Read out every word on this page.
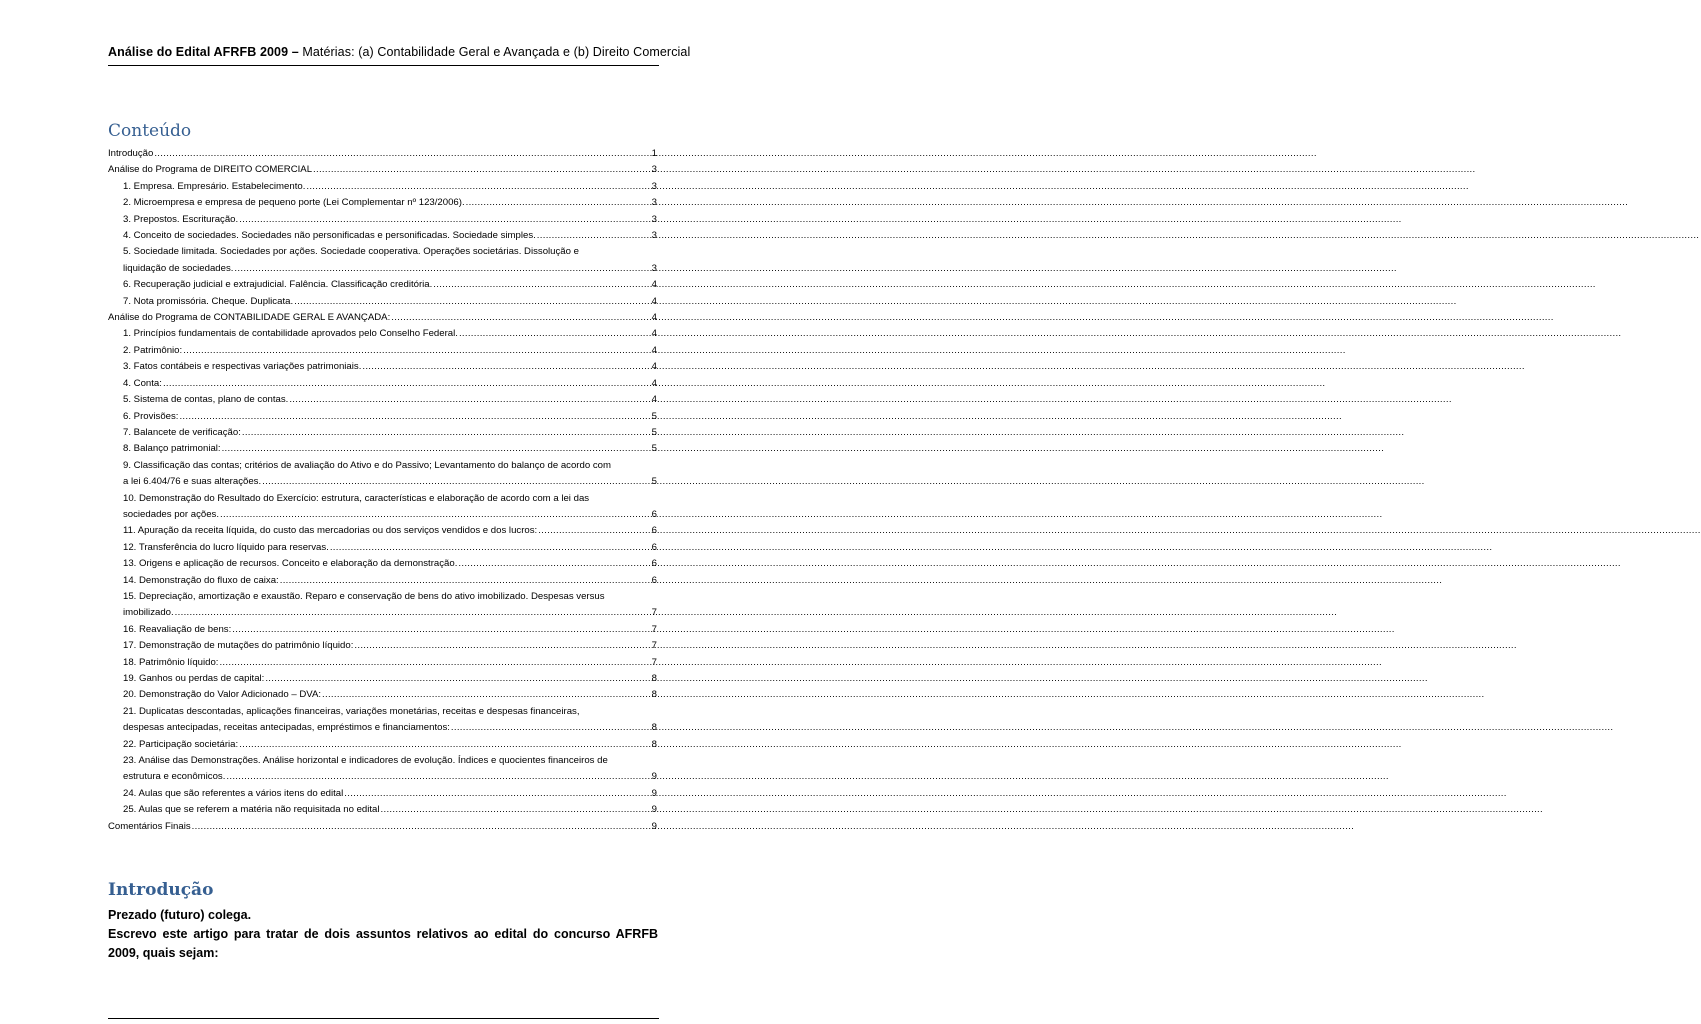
Análise do Edital AFRFB 2009 – Matérias: (a) Contabilidade Geral e Avançada e (b) Direito Comercial
Conteúdo
Introdução .....	1
Análise do Programa de DIREITO COMERCIAL .....	3
1. Empresa. Empresário. Estabelecimento. .....	3
2. Microempresa e empresa de pequeno porte (Lei Complementar nº 123/2006). .....	3
3. Prepostos. Escrituração. .....	3
4. Conceito de sociedades. Sociedades não personificadas e personificadas. Sociedade simples. .....	3
5. Sociedade limitada. Sociedades por ações. Sociedade cooperativa. Operações societárias. Dissolução e
liquidação de sociedades. .....	3
6. Recuperação judicial e extrajudicial. Falência. Classificação creditória. .....	4
7. Nota promissória. Cheque. Duplicata. .....	4
Análise do Programa de CONTABILIDADE GERAL E AVANÇADA: .....	4
1. Princípios fundamentais de contabilidade aprovados pelo Conselho Federal. .....	4
2. Patrimônio: .....	4
3. Fatos contábeis e respectivas variações patrimoniais. .....	4
4. Conta: .....	4
5. Sistema de contas, plano de contas. .....	4
6. Provisões: .....	5
7. Balancete de verificação: .....	5
8. Balanço patrimonial: .....	5
9. Classificação das contas; critérios de avaliação do Ativo e do Passivo; Levantamento do balanço de acordo com
a lei 6.404/76 e suas alterações. .....	5
10. Demonstração do Resultado do Exercício: estrutura, características e elaboração de acordo com a lei das
sociedades por ações. .....	6
11. Apuração da receita líquida, do custo das mercadorias ou dos serviços vendidos e dos lucros: .....	6
12. Transferência do lucro líquido para reservas. .....	6
13. Origens e aplicação de recursos. Conceito e elaboração da demonstração. .....	6
14. Demonstração do fluxo de caixa: .....	6
15. Depreciação, amortização e exaustão. Reparo e conservação de bens do ativo imobilizado. Despesas versus
imobilizado. .....	7
16. Reavaliação de bens: .....	7
17. Demonstração de mutações do patrimônio líquido: .....	7
18. Patrimônio líquido: .....	7
19. Ganhos ou perdas de capital: .....	8
20. Demonstração do Valor Adicionado – DVA: .....	8
21. Duplicatas descontadas, aplicações financeiras, variações monetárias, receitas e despesas financeiras,
despesas antecipadas, receitas antecipadas, empréstimos e financiamentos: .....	8
22. Participação societária: .....	8
23. Análise das Demonstrações. Análise horizontal e indicadores de evolução. Índices e quocientes financeiros de
estrutura e econômicos. .....	9
24. Aulas que são referentes a vários itens do edital .....	9
25. Aulas que se referem a matéria não requisitada no edital .....	9
Comentários Finais .....	9
Introdução

Prezado (futuro) colega.

Escrevo este artigo para tratar de dois assuntos relativos ao edital do concurso AFRFB 2009, quais sejam:
